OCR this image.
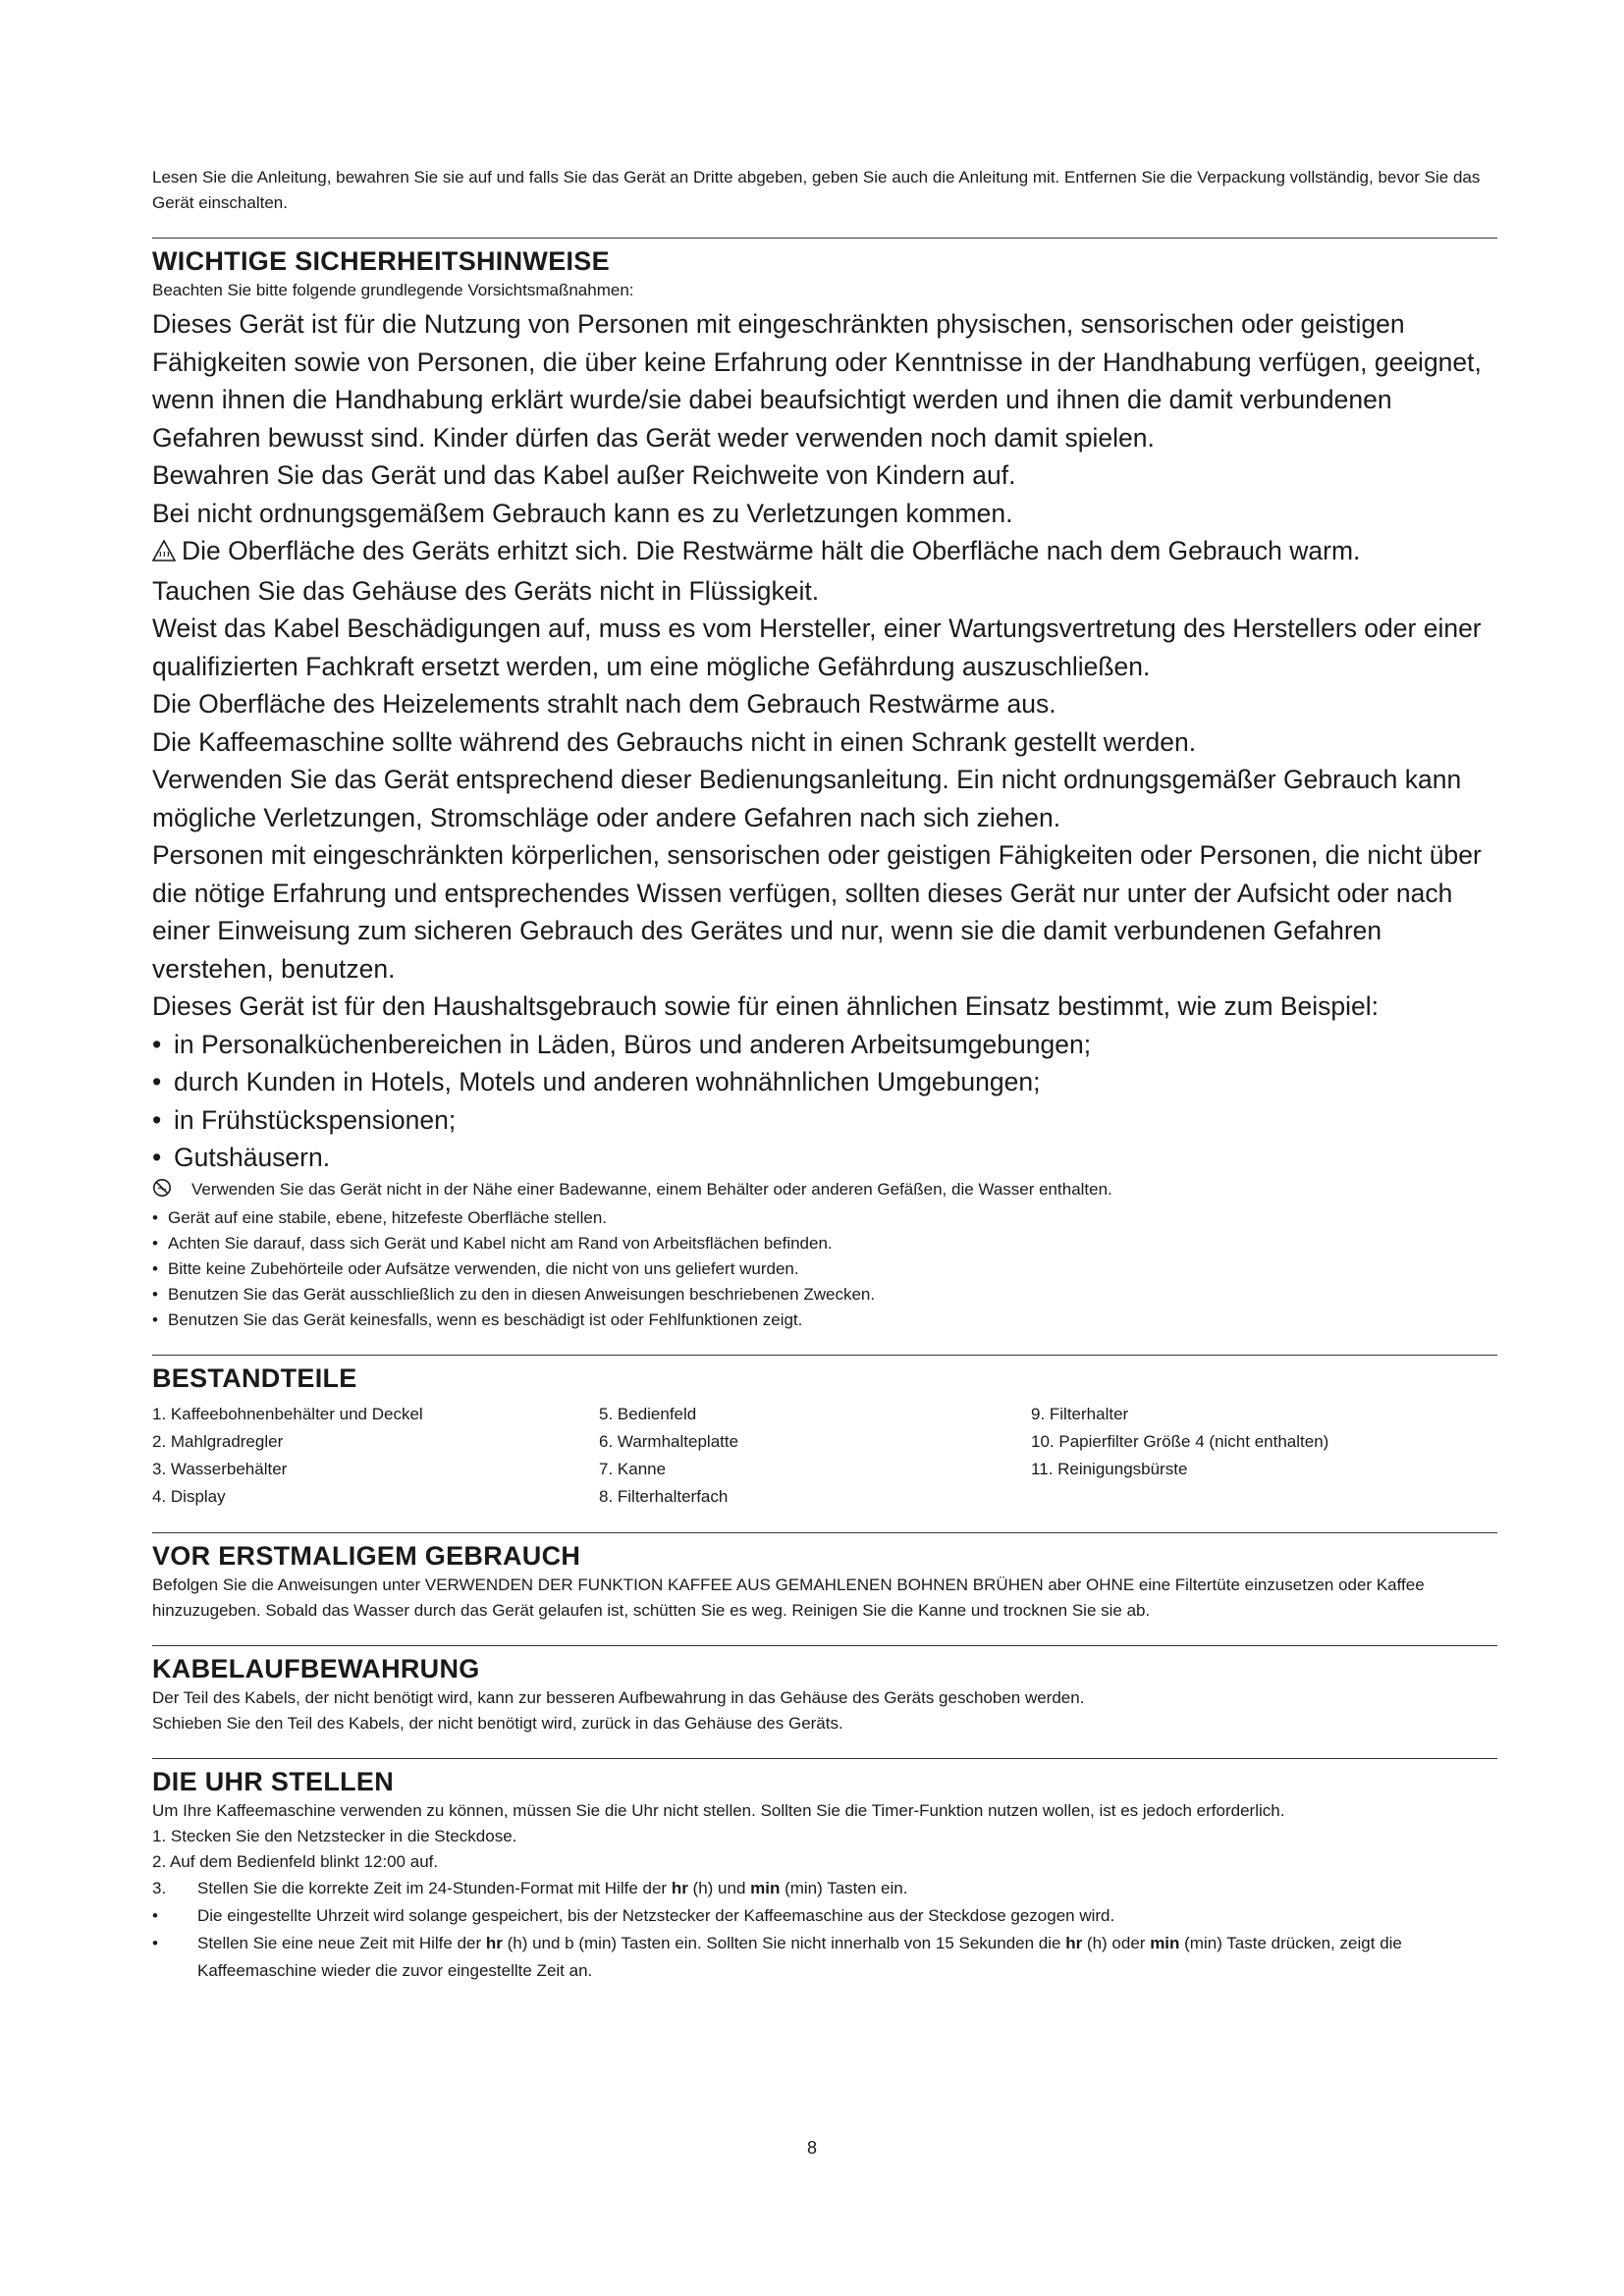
Lesen Sie die Anleitung, bewahren Sie sie auf und falls Sie das Gerät an Dritte abgeben, geben Sie auch die Anleitung mit. Entfernen Sie die Verpackung vollständig, bevor Sie das Gerät einschalten.

WICHTIGE SICHERHEITSHINWEISE

Beachten Sie bitte folgende grundlegende Vorsichtsmaßnahmen:

Dieses Gerät ist für die Nutzung von Personen mit eingeschränkten physischen, sensorischen oder geistigen Fähigkeiten sowie von Personen, die über keine Erfahrung oder Kenntnisse in der Handhabung verfügen, geeignet, wenn ihnen die Handhabung erklärt wurde/sie dabei beaufsichtigt werden und ihnen die damit verbundenen Gefahren bewusst sind. Kinder dürfen das Gerät weder verwenden noch damit spielen.

Bewahren Sie das Gerät und das Kabel außer Reichweite von Kindern auf.

Bei nicht ordnungsgemäßem Gebrauch kann es zu Verletzungen kommen.

Die Oberfläche des Geräts erhitzt sich. Die Restwärme hält die Oberfläche nach dem Gebrauch warm.

Tauchen Sie das Gehäuse des Geräts nicht in Flüssigkeit.

Weist das Kabel Beschädigungen auf, muss es vom Hersteller, einer Wartungsvertretung des Herstellers oder einer qualifizierten Fachkraft ersetzt werden, um eine mögliche Gefährdung auszuschließen.

Die Oberfläche des Heizelements strahlt nach dem Gebrauch Restwärme aus.

Die Kaffeemaschine sollte während des Gebrauchs nicht in einen Schrank gestellt werden.

Verwenden Sie das Gerät entsprechend dieser Bedienungsanleitung. Ein nicht ordnungsgemäßer Gebrauch kann mögliche Verletzungen, Stromschläge oder andere Gefahren nach sich ziehen.

Personen mit eingeschränkten körperlichen, sensorischen oder geistigen Fähigkeiten oder Personen, die nicht über die nötige Erfahrung und entsprechendes Wissen verfügen, sollten dieses Gerät nur unter der Aufsicht oder nach einer Einweisung zum sicheren Gebrauch des Gerätes und nur, wenn sie die damit verbundenen Gefahren verstehen, benutzen.

Dieses Gerät ist für den Haushaltsgebrauch sowie für einen ähnlichen Einsatz bestimmt, wie zum Beispiel:

• in Personalküchenbereichen in Läden, Büros und anderen Arbeitsumgebungen;

• durch Kunden in Hotels, Motels und anderen wohnähnlichen Umgebungen;

• in Frühstückspensionen;

• Gutshäusern.

Verwenden Sie das Gerät nicht in der Nähe einer Badewanne, einem Behälter oder anderen Gefäßen, die Wasser enthalten.

• Gerät auf eine stabile, ebene, hitzefeste Oberfläche stellen.

• Achten Sie darauf, dass sich Gerät und Kabel nicht am Rand von Arbeitsflächen befinden.

• Bitte keine Zubehörteile oder Aufsätze verwenden, die nicht von uns geliefert wurden.

• Benutzen Sie das Gerät ausschließlich zu den in diesen Anweisungen beschriebenen Zwecken.

• Benutzen Sie das Gerät keinesfalls, wenn es beschädigt ist oder Fehlfunktionen zeigt.

BESTANDTEILE
1. Kaffeebohnenbehälter und Deckel
2. Mahlgradregler
3. Wasserbehälter
4. Display
5. Bedienfeld
6. Warmhalteplatte
7. Kanne
8. Filterhalterfach
9. Filterhalter
10. Papierfilter Größe 4 (nicht enthalten)
11. Reinigungsbürste
VOR ERSTMALIGEM GEBRAUCH

Befolgen Sie die Anweisungen unter VERWENDEN DER FUNKTION KAFFEE AUS GEMAHLENEN BOHNEN BRÜHEN aber OHNE eine Filtertüte einzusetzen oder Kaffee hinzuzugeben. Sobald das Wasser durch das Gerät gelaufen ist, schütten Sie es weg. Reinigen Sie die Kanne und trocknen Sie sie ab.

KABELAUFBEWAHRUNG

Der Teil des Kabels, der nicht benötigt wird, kann zur besseren Aufbewahrung in das Gehäuse des Geräts geschoben werden.

Schieben Sie den Teil des Kabels, der nicht benötigt wird, zurück in das Gehäuse des Geräts.

DIE UHR STELLEN

Um Ihre Kaffeemaschine verwenden zu können, müssen Sie die Uhr nicht stellen. Sollten Sie die Timer-Funktion nutzen wollen, ist es jedoch erforderlich.

1. Stecken Sie den Netzstecker in die Steckdose.

2. Auf dem Bedienfeld blinkt 12:00 auf.

3.	Stellen Sie die korrekte Zeit im 24-Stunden-Format mit Hilfe der hr (h) und min (min) Tasten ein.
•	Die eingestellte Uhrzeit wird solange gespeichert, bis der Netzstecker der Kaffeemaschine aus der Steckdose gezogen wird.
•	Stellen Sie eine neue Zeit mit Hilfe der hr (h) und b (min) Tasten ein. Sollten Sie nicht innerhalb von 15 Sekunden die hr (h) oder min (min) Taste drücken, zeigt die Kaffeemaschine wieder die zuvor eingestellte Zeit an.
8
